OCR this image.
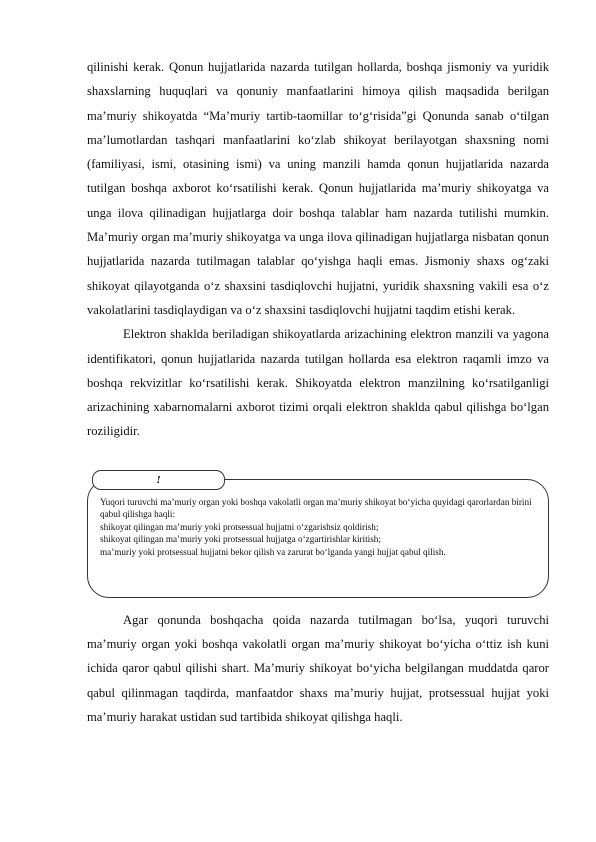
qilinishi kerak. Qonun hujjatlarida nazarda tutilgan hollarda, boshqa jismoniy va yuridik shaxslarning huquqlari va qonuniy manfaatlarini himoya qilish maqsadida berilgan ma’muriy shikoyatda “Ma’muriy tartib-taomillar to‘g‘risida”gi Qonunda sanab o‘tilgan ma’lumotlardan tashqari manfaatlarini ko‘zlab shikoyat berilayotgan shaxsning nomi (familiyasi, ismi, otasining ismi) va uning manzili hamda qonun hujjatlarida nazarda tutilgan boshqa axborot ko‘rsatilishi kerak. Qonun hujjatlarida ma’muriy shikoyatga va unga ilova qilinadigan hujjatlarga doir boshqa talablar ham nazarda tutilishi mumkin. Ma’muriy organ ma’muriy shikoyatga va unga ilova qilinadigan hujjatlarga nisbatan qonun hujjatlarida nazarda tutilmagan talablar qo‘yishga haqli emas. Jismoniy shaxs og‘zaki shikoyat qilayotganda o‘z shaxsini tasdiqlovchi hujjatni, yuridik shaxsning vakili esa o‘z vakolatlarini tasdiqlaydigan va o‘z shaxsini tasdiqlovchi hujjatni taqdim etishi kerak.

Elektron shaklda beriladigan shikoyatlarda arizachining elektron manzili va yagona identifikatori, qonun hujjatlarida nazarda tutilgan hollarda esa elektron raqamli imzo va boshqa rekvizitlar ko‘rsatilishi kerak. Shikoyatda elektron manzilning ko‘rsatilganligi arizachining xabarnomalarni axborot tizimi orqali elektron shaklda qabul qilishga bo‘lgan roziligidir.

!

Yuqori turuvchi ma’muriy organ yoki boshqa vakolatli organ ma’muriy shikoyat bo‘yicha quyidagi qarorlardan birini qabul qilishga haqli:

shikoyat qilingan ma’muriy yoki protsessual hujjatni o‘zgarishsiz qoldirish;

shikoyat qilingan ma’muriy yoki protsessual hujjatga o‘zgartirishlar kiritish;

ma’muriy yoki protsessual hujjatni bekor qilish va zarurat bo‘lganda yangi hujjat qabul qilish.

Agar qonunda boshqacha qoida nazarda tutilmagan bo‘lsa, yuqori turuvchi ma’muriy organ yoki boshqa vakolatli organ ma’muriy shikoyat bo‘yicha o‘ttiz ish kuni ichida qaror qabul qilishi shart. Ma’muriy shikoyat bo‘yicha belgilangan muddatda qaror qabul qilinmagan taqdirda, manfaatdor shaxs ma’muriy hujjat, protsessual hujjat yoki ma’muriy harakat ustidan sud tartibida shikoyat qilishga haqli.
